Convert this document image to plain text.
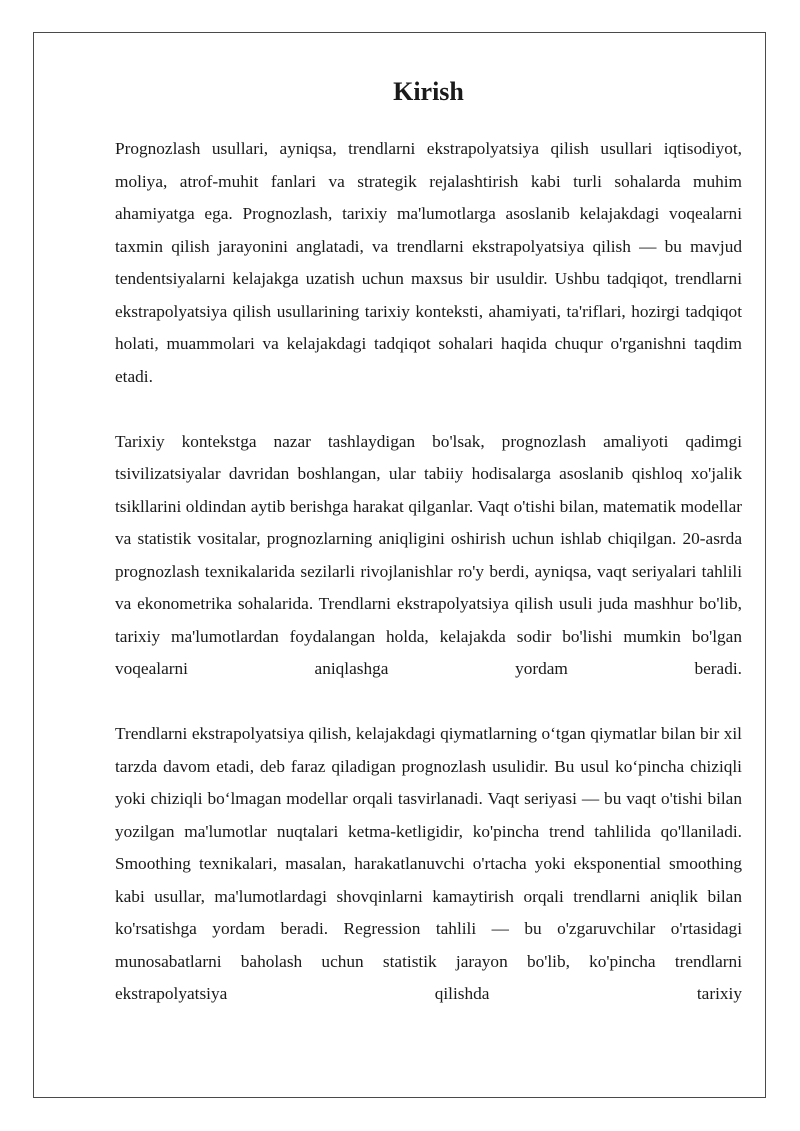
Kirish

Prognozlash usullari, ayniqsa, trendlarni ekstrapolyatsiya qilish usullari iqtisodiyot, moliya, atrof-muhit fanlari va strategik rejalashtirish kabi turli sohalarda muhim ahamiyatga ega. Prognozlash, tarixiy ma'lumotlarga asoslanib kelajakdagi voqealarni taxmin qilish jarayonini anglatadi, va trendlarni ekstrapolyatsiya qilish — bu mavjud tendentsiyalarni kelajakga uzatish uchun maxsus bir usuldir. Ushbu tadqiqot, trendlarni ekstrapolyatsiya qilish usullarining tarixiy konteksti, ahamiyati, ta'riflari, hozirgi tadqiqot holati, muammolari va kelajakdagi tadqiqot sohalari haqida chuqur o'rganishni taqdim etadi.

Tarixiy kontekstga nazar tashlaydigan bo'lsak, prognozlash amaliyoti qadimgi tsivilizatsiyalar davridan boshlangan, ular tabiiy hodisalarga asoslanib qishloq xo'jalik tsikllarini oldindan aytib berishga harakat qilganlar. Vaqt o'tishi bilan, matematik modellar va statistik vositalar, prognozlarning aniqligini oshirish uchun ishlab chiqilgan. 20-asrda prognozlash texnikalarida sezilarli rivojlanishlar ro'y berdi, ayniqsa, vaqt seriyalari tahlili va ekonometrika sohalarida. Trendlarni ekstrapolyatsiya qilish usuli juda mashhur bo'lib, tarixiy ma'lumotlardan foydalangan holda, kelajakda sodir bo'lishi mumkin bo'lgan voqealarni aniqlashga yordam beradi.

Trendlarni ekstrapolyatsiya qilish, kelajakdagi qiymatlarning o‘tgan qiymatlar bilan bir xil tarzda davom etadi, deb faraz qiladigan prognozlash usulidir. Bu usul ko‘pincha chiziqli yoki chiziqli bo‘lmagan modellar orqali tasvirlanadi. Vaqt seriyasi — bu vaqt o'tishi bilan yozilgan ma'lumotlar nuqtalari ketma-ketligidir, ko'pincha trend tahlilida qo'llaniladi. Smoothing texnikalari, masalan, harakatlanuvchi o'rtacha yoki eksponential smoothing kabi usullar, ma'lumotlardagi shovqinlarni kamaytirish orqali trendlarni aniqlik bilan ko'rsatishga yordam beradi. Regression tahlili — bu o'zgaruvchilar o'rtasidagi munosabatlarni baholash uchun statistik jarayon bo'lib, ko'pincha trendlarni ekstrapolyatsiya qilishda tarixiy
